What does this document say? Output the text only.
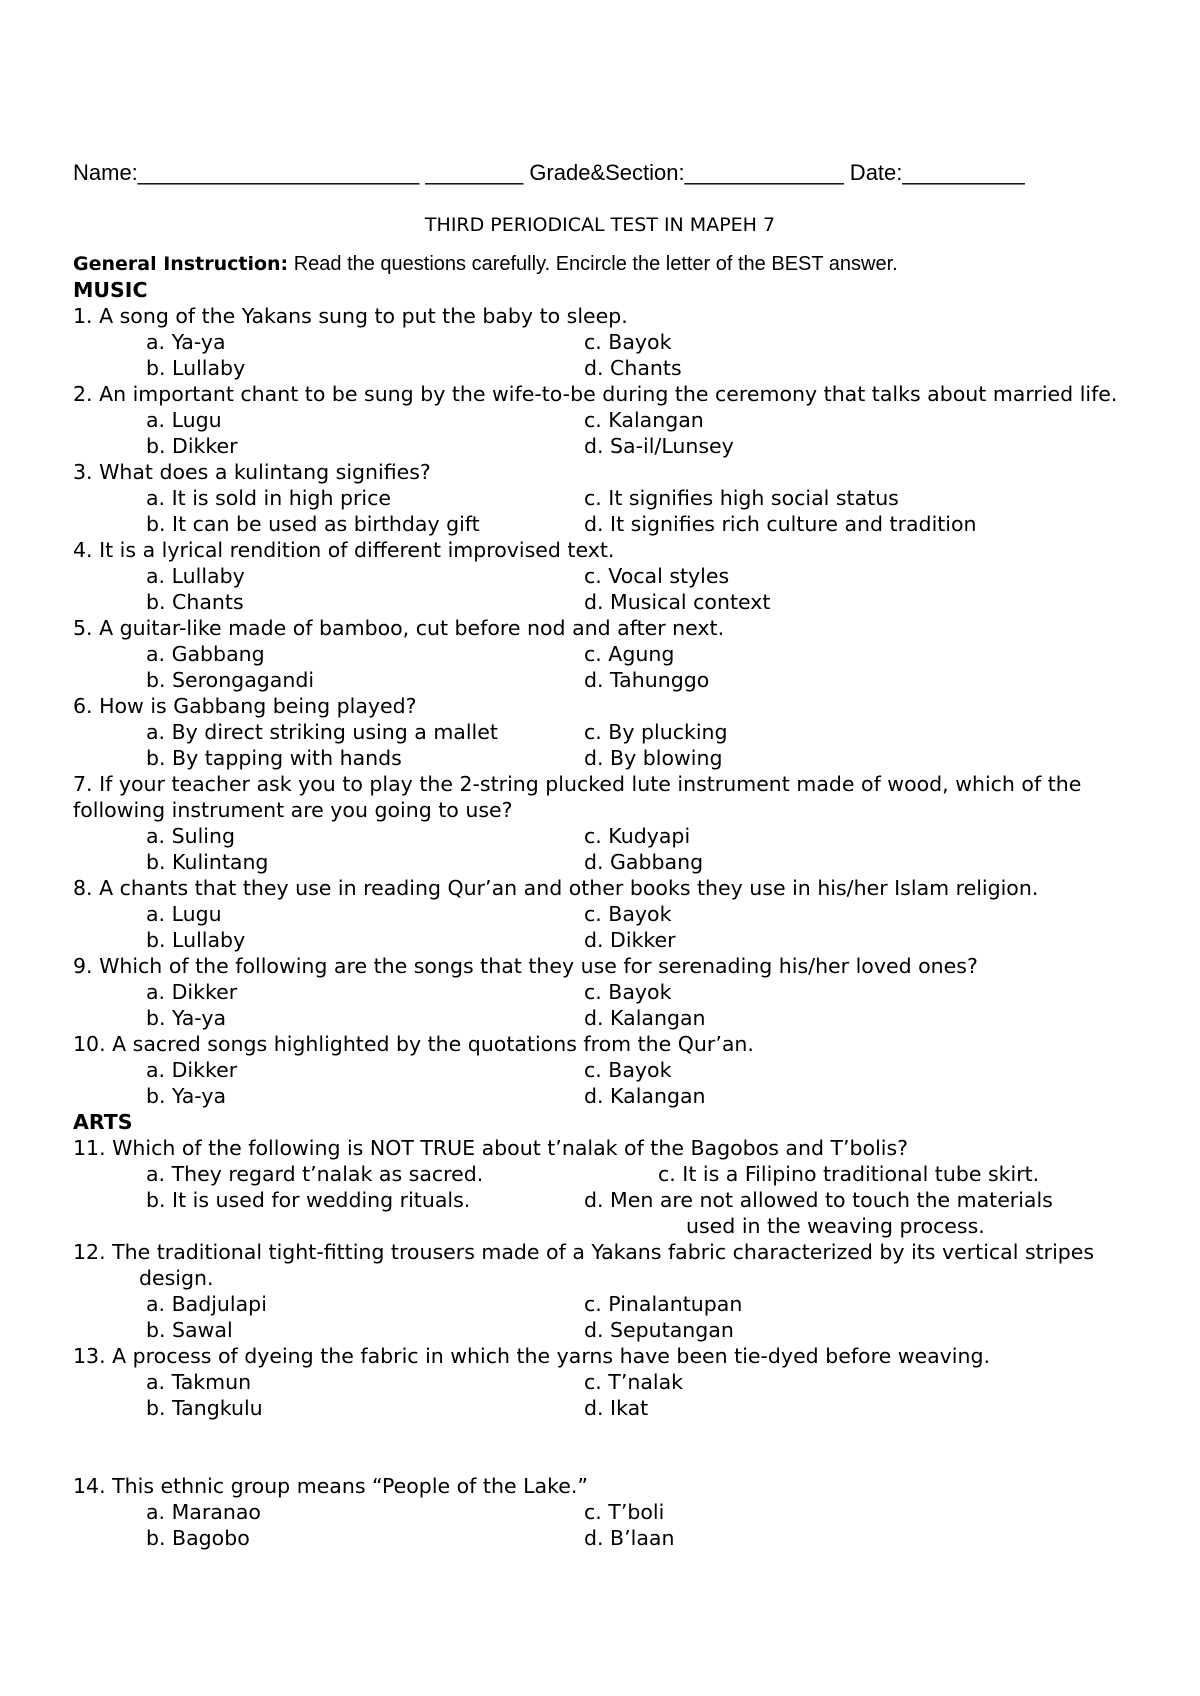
Name:_______________________ ________ Grade&Section:_____________ Date:__________
THIRD PERIODICAL TEST IN MAPEH 7
General Instruction: Read the questions carefully. Encircle the letter of the BEST answer.
MUSIC
1. A song of the Yakans sung to put the baby to sleep.
a. Ya-ya	c. Bayok
b. Lullaby	d. Chants
2. An important chant to be sung by the wife-to-be during the ceremony that talks about married life.
a. Lugu	c. Kalangan
b. Dikker	d. Sa-il/Lunsey
3. What does a kulintang signifies?
a. It is sold in high price	c. It signifies high social status
b. It can be used as birthday gift	d. It signifies rich culture and tradition
4. It is a lyrical rendition of different improvised text.
a. Lullaby	c. Vocal styles
b. Chants	d. Musical context
5. A guitar-like made of bamboo, cut before nod and after next.
a. Gabbang	c. Agung
b. Serongagandi	d. Tahunggo
6. How is Gabbang being played?
a. By direct striking using a mallet	c. By plucking
b. By tapping with hands	d. By blowing
7. If your teacher ask you to play the 2-string plucked lute instrument made of wood, which of the following instrument are you going to use?
a. Suling	c. Kudyapi
b. Kulintang	d. Gabbang
8. A chants that they use in reading Qur’an and other books they use in his/her Islam religion.
a. Lugu	c. Bayok
b. Lullaby	d. Dikker
9. Which of the following are the songs that they use for serenading his/her loved ones?
a. Dikker	c. Bayok
b. Ya-ya	d. Kalangan
10. A sacred songs highlighted by the quotations from the Qur’an.
a. Dikker	c. Bayok
b. Ya-ya	d. Kalangan
ARTS
11. Which of the following is NOT TRUE about t’nalak of the Bagobos and T’bolis?
a. They regard t’nalak as sacred.	c. It is a Filipino traditional tube skirt.
b. It is used for wedding rituals.	d. Men are not allowed to touch the materials
used in the weaving process.
12. The traditional tight-fitting trousers made of a Yakans fabric characterized by its vertical stripes
design.
a. Badjulapi	c. Pinalantupan
b. Sawal	d. Seputangan
13. A process of dyeing the fabric in which the yarns have been tie-dyed before weaving.
a. Takmun	c. T’nalak
b. Tangkulu	d. Ikat
14. This ethnic group means “People of the Lake.”
a. Maranao	c. T’boli
b. Bagobo	d. B’laan
